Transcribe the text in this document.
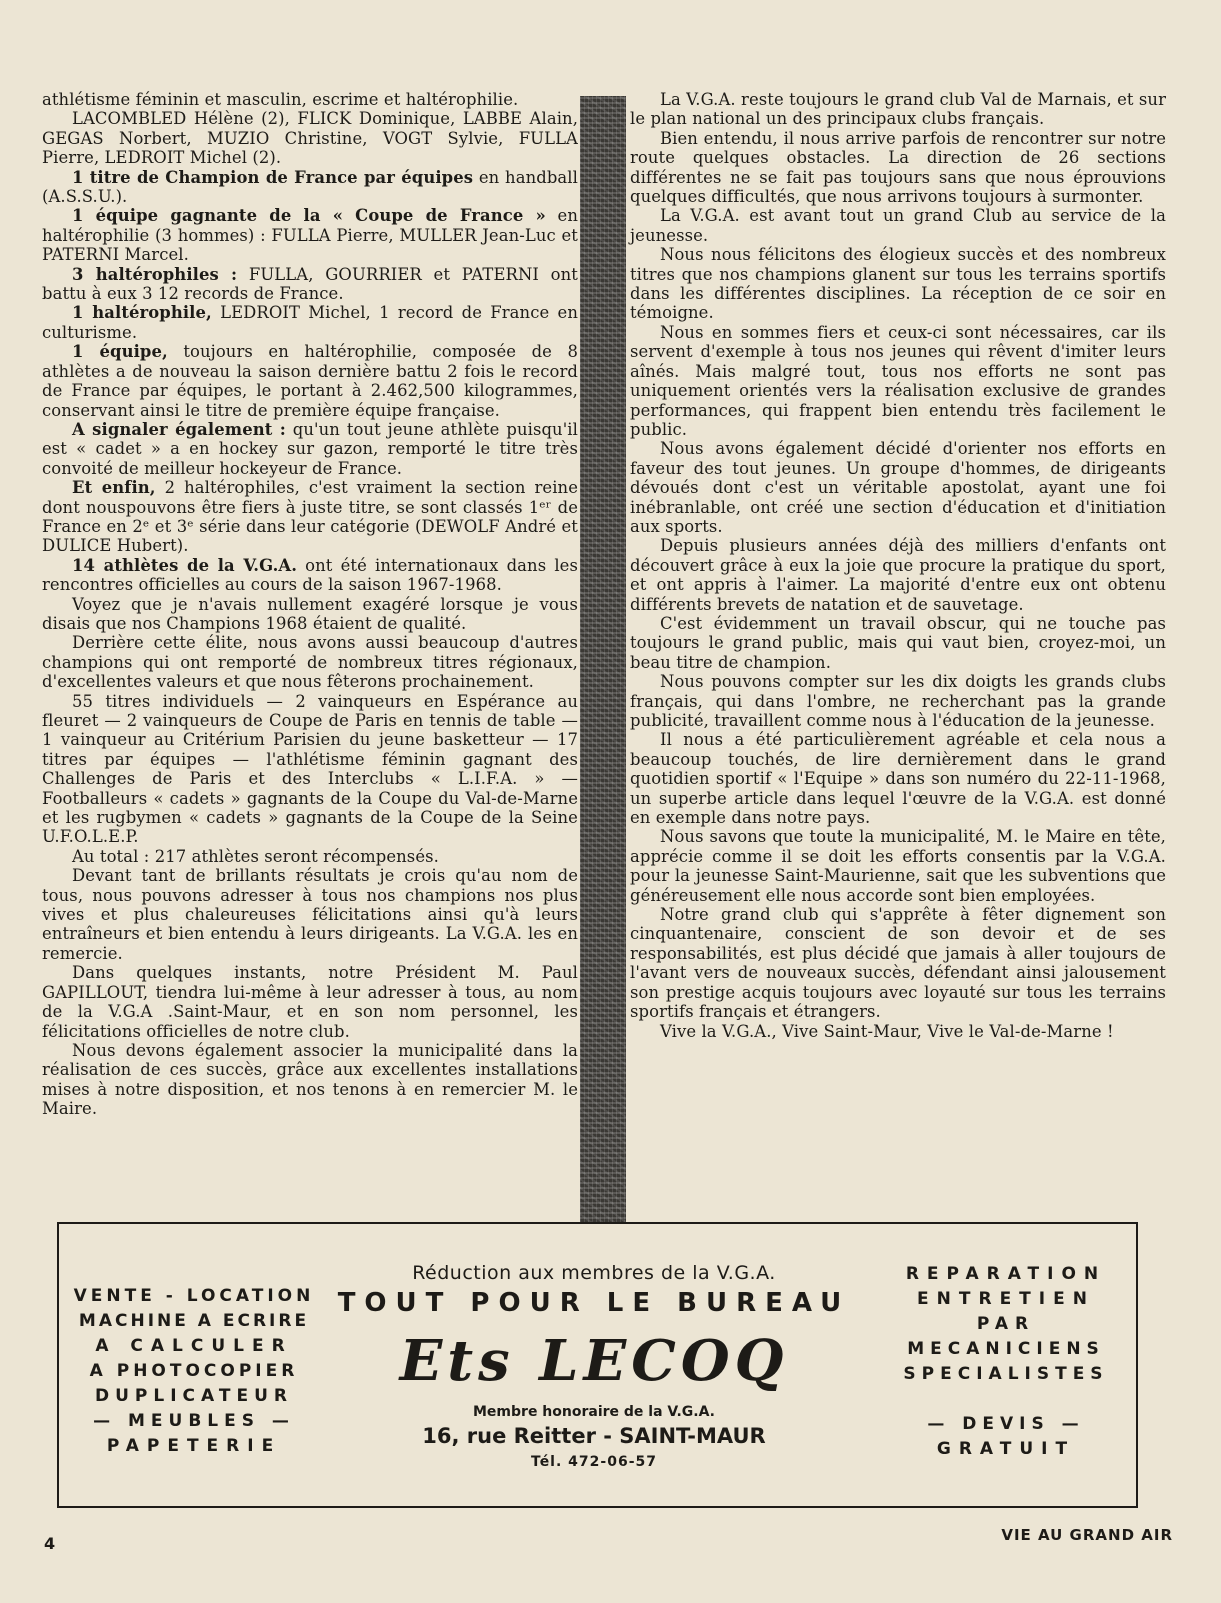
athlétisme féminin et masculin, escrime et haltérophilie.

LACOMBLED Hélène (2), FLICK Dominique, LABBE Alain, GEGAS Norbert, MUZIO Christine, VOGT Sylvie, FULLA Pierre, LEDROIT Michel (2).

1 titre de Champion de France par équipes en handball (A.S.S.U.).

1 équipe gagnante de la « Coupe de France » en haltérophilie (3 hommes) : FULLA Pierre, MULLER Jean-Luc et PATERNI Marcel.

3 haltérophiles : FULLA, GOURRIER et PATERNI ont battu à eux 3 12 records de France.

1 haltérophile, LEDROIT Michel, 1 record de France en culturisme.

1 équipe, toujours en haltérophilie, composée de 8 athlètes a de nouveau la saison dernière battu 2 fois le record de France par équipes, le portant à 2.462,500 kilogrammes, conservant ainsi le titre de première équipe française.

A signaler également : qu'un tout jeune athlète puisqu'il est « cadet » a en hockey sur gazon, remporté le titre très convoité de meilleur hockeyeur de France.

Et enfin, 2 haltérophiles, c'est vraiment la section reine dont nouspouvons être fiers à juste titre, se sont classés 1ᵉʳ de France en 2ᵉ et 3ᵉ série dans leur catégorie (DEWOLF André et DULICE Hubert).

14 athlètes de la V.G.A. ont été internationaux dans les rencontres officielles au cours de la saison 1967-1968.

Voyez que je n'avais nullement exagéré lorsque je vous disais que nos Champions 1968 étaient de qualité.

Derrière cette élite, nous avons aussi beaucoup d'autres champions qui ont remporté de nombreux titres régionaux, d'excellentes valeurs et que nous fêterons prochainement.

55 titres individuels — 2 vainqueurs en Espérance au fleuret — 2 vainqueurs de Coupe de Paris en tennis de table — 1 vainqueur au Critérium Parisien du jeune basketteur — 17 titres par équipes — l'athlétisme féminin gagnant des Challenges de Paris et des Interclubs « L.I.F.A. » — Footballeurs « cadets » gagnants de la Coupe du Val-de-Marne et les rugbymen « cadets » gagnants de la Coupe de la Seine U.F.O.L.E.P.

Au total : 217 athlètes seront récompensés.

Devant tant de brillants résultats je crois qu'au nom de tous, nous pouvons adresser à tous nos champions nos plus vives et plus chaleureuses félicitations ainsi qu'à leurs entraîneurs et bien entendu à leurs dirigeants. La V.G.A. les en remercie.

Dans quelques instants, notre Président M. Paul GAPILLOUT, tiendra lui-même à leur adresser à tous, au nom de la V.G.A .Saint-Maur, et en son nom personnel, les félicitations officielles de notre club.

Nous devons également associer la municipalité dans la réalisation de ces succès, grâce aux excellentes installations mises à notre disposition, et nos tenons à en remercier M. le Maire.

La V.G.A. reste toujours le grand club Val de Marnais, et sur le plan national un des principaux clubs français.

Bien entendu, il nous arrive parfois de rencontrer sur notre route quelques obstacles. La direction de 26 sections différentes ne se fait pas toujours sans que nous éprouvions quelques difficultés, que nous arrivons toujours à surmonter.

La V.G.A. est avant tout un grand Club au service de la jeunesse.

Nous nous félicitons des élogieux succès et des nombreux titres que nos champions glanent sur tous les terrains sportifs dans les différentes disciplines. La réception de ce soir en témoigne.

Nous en sommes fiers et ceux-ci sont nécessaires, car ils servent d'exemple à tous nos jeunes qui rêvent d'imiter leurs aînés. Mais malgré tout, tous nos efforts ne sont pas uniquement orientés vers la réalisation exclusive de grandes performances, qui frappent bien entendu très facilement le public.

Nous avons également décidé d'orienter nos efforts en faveur des tout jeunes. Un groupe d'hommes, de dirigeants dévoués dont c'est un véritable apostolat, ayant une foi inébranlable, ont créé une section d'éducation et d'initiation aux sports.

Depuis plusieurs années déjà des milliers d'enfants ont découvert grâce à eux la joie que procure la pratique du sport, et ont appris à l'aimer. La majorité d'entre eux ont obtenu différents brevets de natation et de sauvetage.

C'est évidemment un travail obscur, qui ne touche pas toujours le grand public, mais qui vaut bien, croyez-moi, un beau titre de champion.

Nous pouvons compter sur les dix doigts les grands clubs français, qui dans l'ombre, ne recherchant pas la grande publicité, travaillent comme nous à l'éducation de la jeunesse.

Il nous a été particulièrement agréable et cela nous a beaucoup touchés, de lire dernièrement dans le grand quotidien sportif « l'Equipe » dans son numéro du 22-11-1968, un superbe article dans lequel l'œuvre de la V.G.A. est donné en exemple dans notre pays.

Nous savons que toute la municipalité, M. le Maire en tête, apprécie comme il se doit les efforts consentis par la V.G.A. pour la jeunesse Saint-Maurienne, sait que les subventions que généreusement elle nous accorde sont bien employées.

Notre grand club qui s'apprête à fêter dignement son cinquantenaire, conscient de son devoir et de ses responsabilités, est plus décidé que jamais à aller toujours de l'avant vers de nouveaux succès, défendant ainsi jalousement son prestige acquis toujours avec loyauté sur tous les terrains sportifs français et étrangers.

Vive la V.G.A., Vive Saint-Maur, Vive le Val-de-Marne !

VENTE - LOCATION
MACHINE A ECRIRE
A CALCULER
A PHOTOCOPIER
DUPLICATEUR
— MEUBLES —
PAPETERIE
Réduction aux membres de la V.G.A.
TOUT POUR LE BUREAU
Ets LECOQ
Membre honoraire de la V.G.A.
16, rue Reitter - SAINT-MAUR
Tél. 472-06-57
REPARATION
ENTRETIEN
PAR
MECANICIENS
SPECIALISTES

— DEVIS —
GRATUIT
4	VIE AU GRAND AIR
